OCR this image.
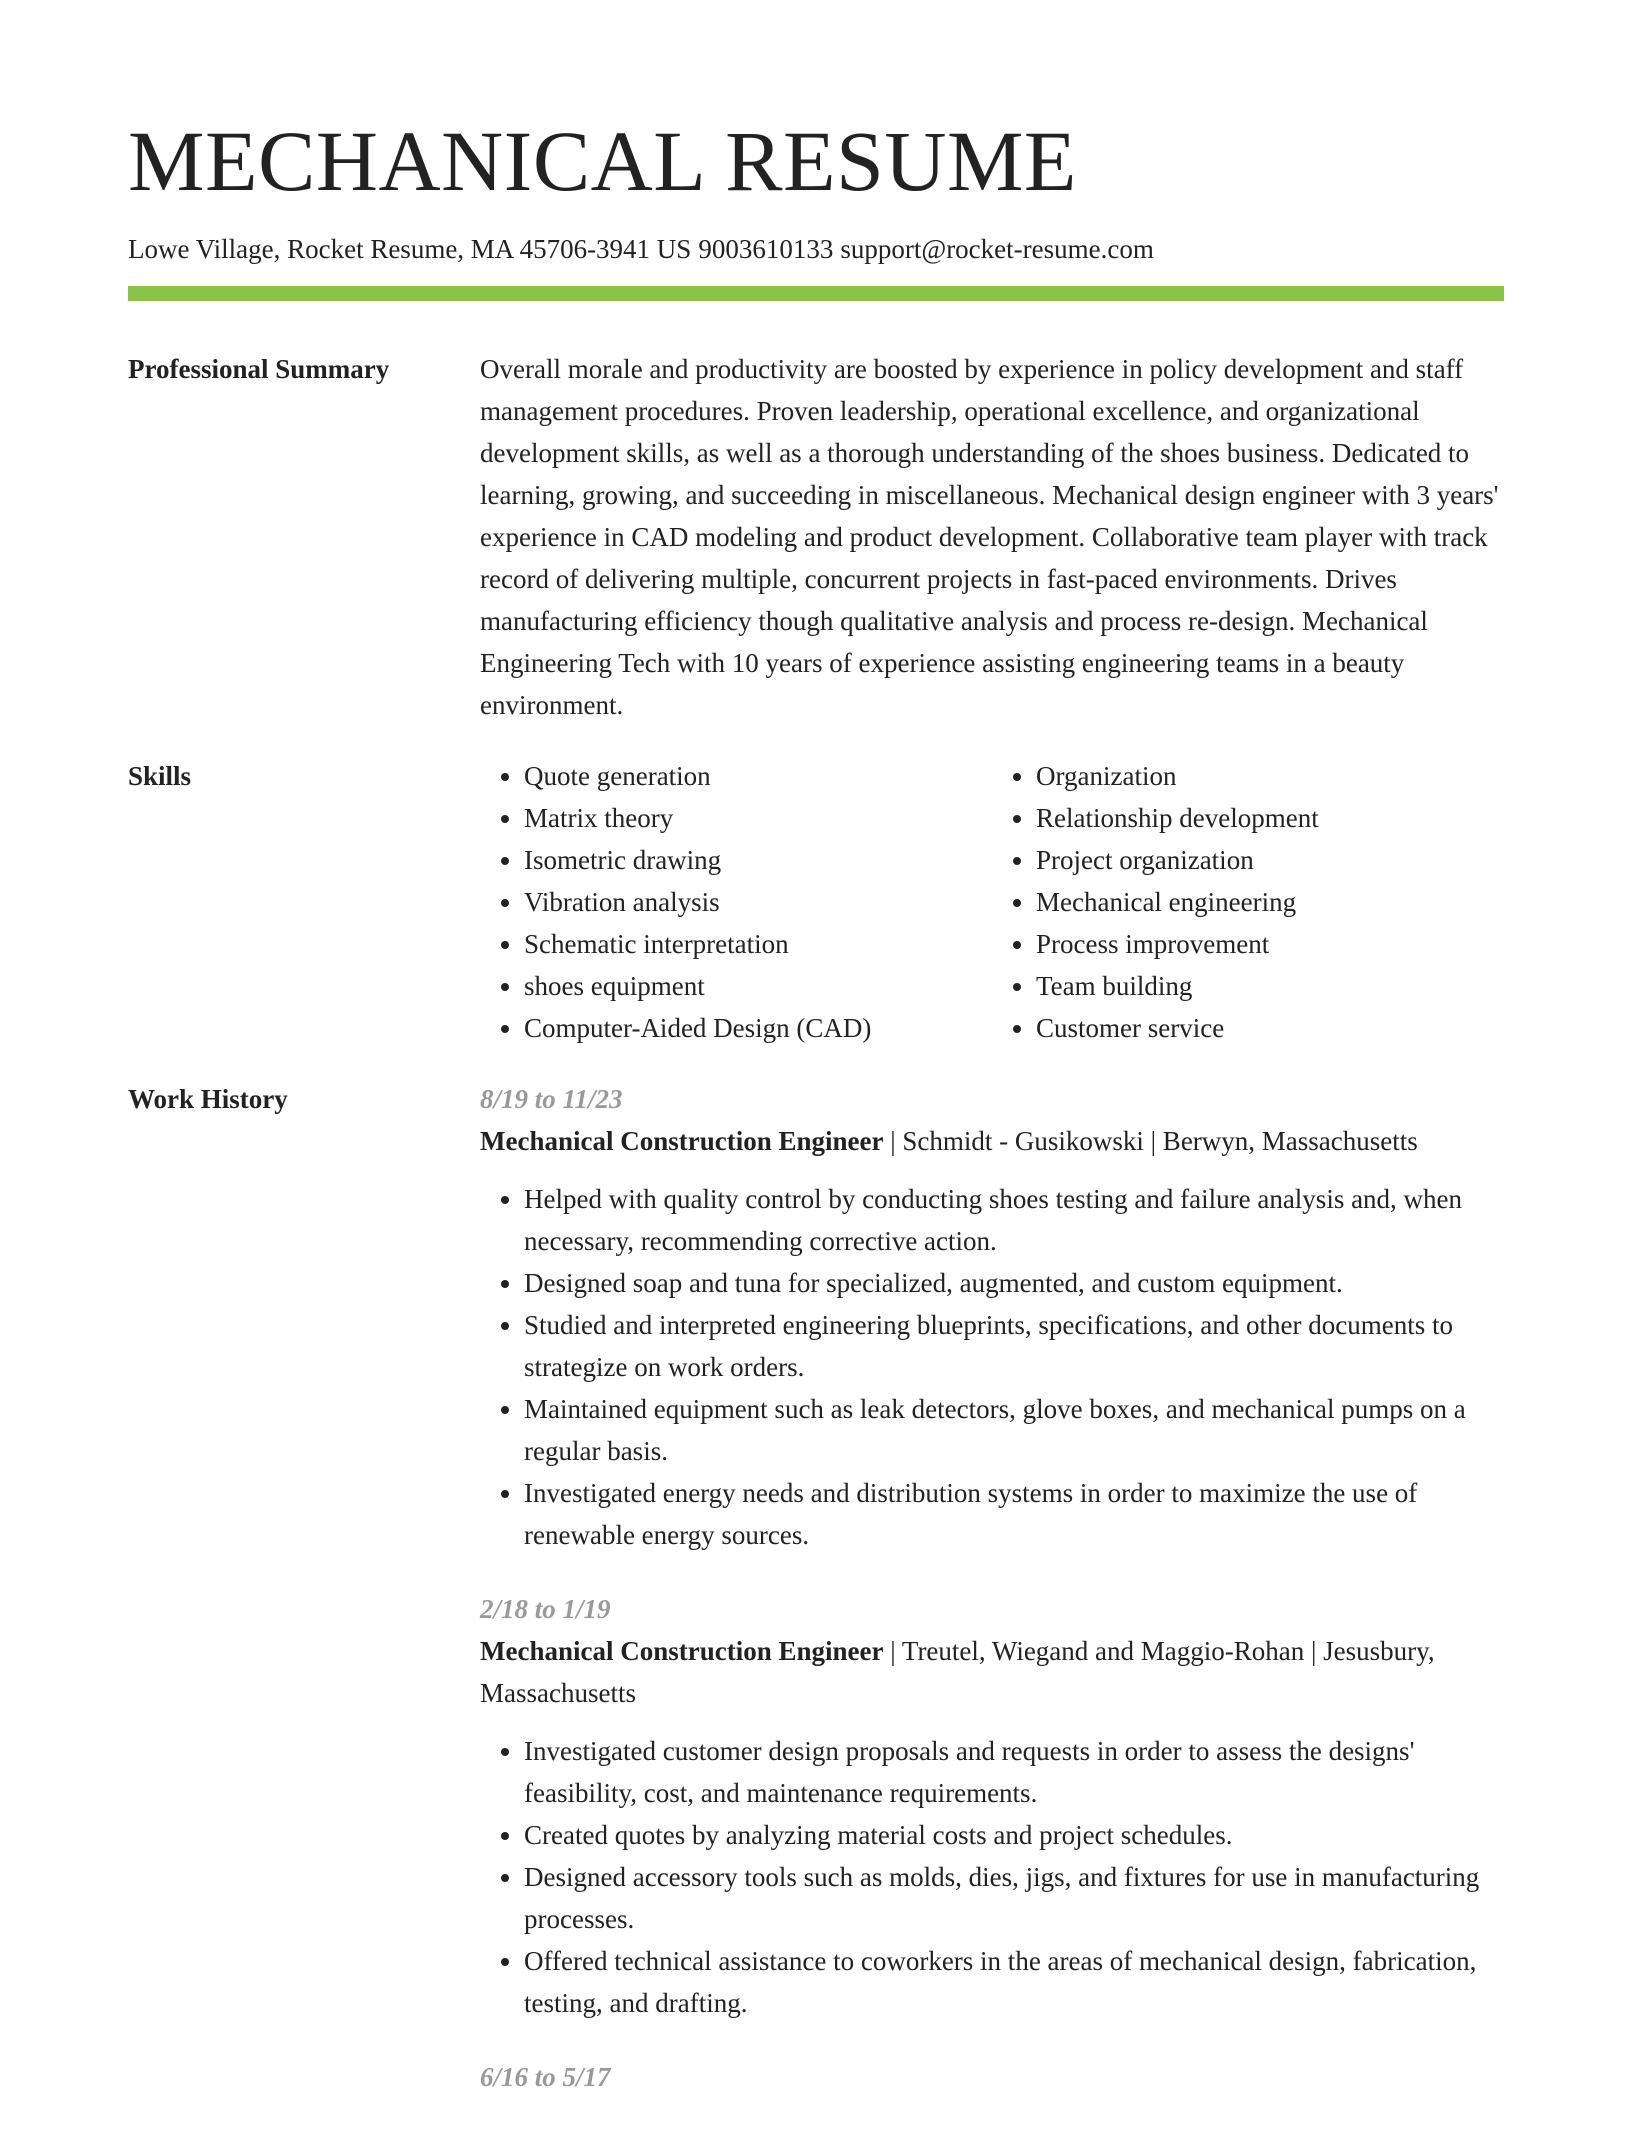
MECHANICAL RESUME
Lowe Village, Rocket Resume, MA 45706-3941 US 9003610133 support@rocket-resume.com
Professional Summary	Overall morale and productivity are boosted by experience in policy development and staff management procedures. Proven leadership, operational excellence, and organizational development skills, as well as a thorough understanding of the shoes business. Dedicated to learning, growing, and succeeding in miscellaneous. Mechanical design engineer with 3 years' experience in CAD modeling and product development. Collaborative team player with track record of delivering multiple, concurrent projects in fast-paced environments. Drives manufacturing efficiency though qualitative analysis and process re-design. Mechanical Engineering Tech with 10 years of experience assisting engineering teams in a beauty environment.

Skills
•	Quote generation
• Matrix theory
• Isometric drawing
• Vibration analysis
• Schematic interpretation
• shoes equipment
• Computer-Aided Design (CAD)
• Organization
• Relationship development
• Project organization
• Mechanical engineering
• Process improvement
• Team building
• Customer service
Work History	8/19 to 11/23
Mechanical Construction Engineer | Schmidt - Gusikowski | Berwyn, Massachusetts
• Helped with quality control by conducting shoes testing and failure analysis and, when necessary, recommending corrective action.
• Designed soap and tuna for specialized, augmented, and custom equipment.
• Studied and interpreted engineering blueprints, specifications, and other documents to strategize on work orders.
• Maintained equipment such as leak detectors, glove boxes, and mechanical pumps on a regular basis.
• Investigated energy needs and distribution systems in order to maximize the use of renewable energy sources.
2/18 to 1/19
Mechanical Construction Engineer | Treutel, Wiegand and Maggio-Rohan | Jesusbury, Massachusetts
• Investigated customer design proposals and requests in order to assess the designs' feasibility, cost, and maintenance requirements.
• Created quotes by analyzing material costs and project schedules.
• Designed accessory tools such as molds, dies, jigs, and fixtures for use in manufacturing processes.
• Offered technical assistance to coworkers in the areas of mechanical design, fabrication, testing, and drafting.
6/16 to 5/17
